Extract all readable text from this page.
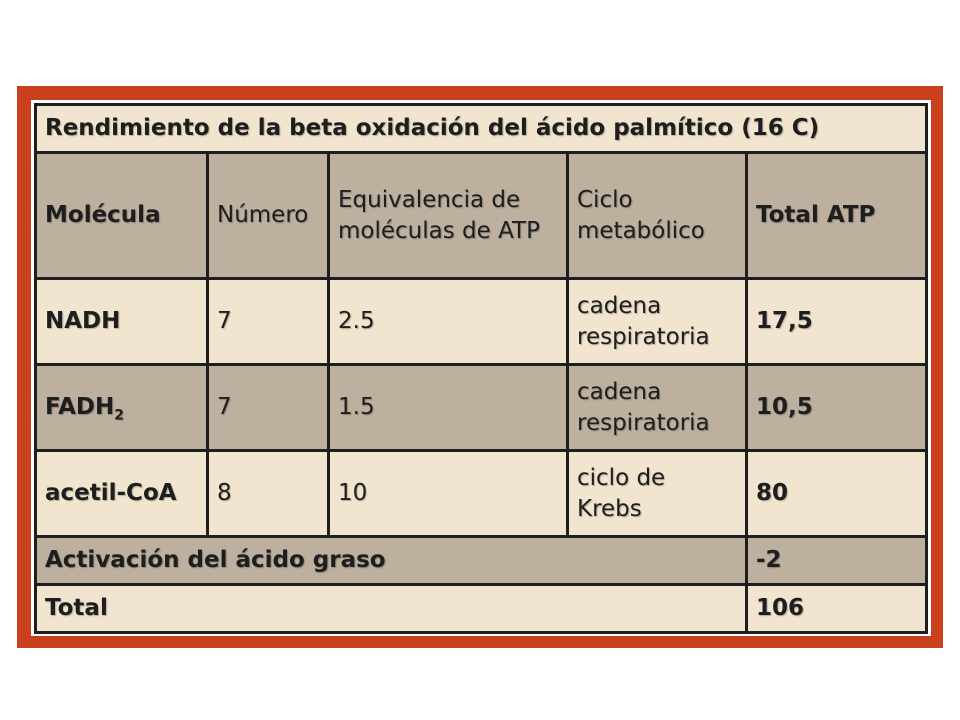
Rendimiento de la beta oxidación del ácido palmítico (16 C)				
Molécula	Número	Equivalencia de moléculas de ATP	Ciclo metabólico	Total ATP
NADH	7	2.5	cadena respiratoria	17,5
$FADH_2$	7	1.5	cadena respiratoria	10,5
acetil-CoA	8	10	ciclo de Krebs	80
Activación del ácido graso				-2
Total				106
